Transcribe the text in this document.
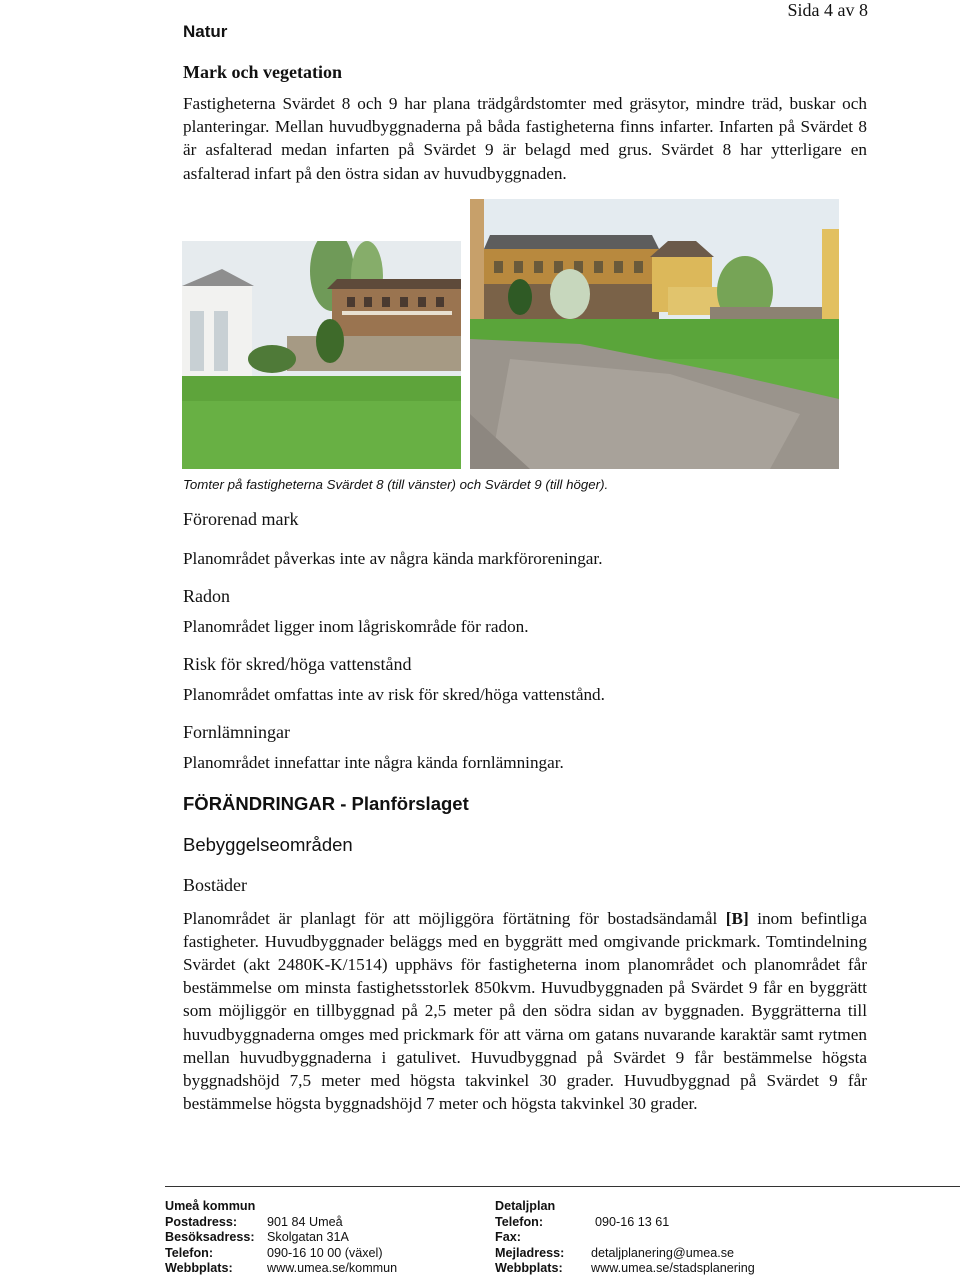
Sida 4 av 8
Natur
Mark och vegetation

Fastigheterna Svärdet 8 och 9 har plana trädgårdstomter med gräsytor, mindre träd, buskar och planteringar. Mellan huvudbyggnaderna på båda fastigheterna finns infarter. Infarten på Svärdet 8 är asfalterad medan infarten på Svärdet 9 är belagd med grus. Svärdet 8 har ytterligare en asfalterad infart på den östra sidan av huvudbyggnaden.

Tomter på fastigheterna Svärdet 8 (till vänster) och Svärdet 9 (till höger).

Förorenad mark

Planområdet påverkas inte av några kända markföroreningar.

Radon

Planområdet ligger inom lågriskområde för radon.

Risk för skred/höga vattenstånd

Planområdet omfattas inte av risk för skred/höga vattenstånd.

Fornlämningar

Planområdet innefattar inte några kända fornlämningar.

FÖRÄNDRINGAR - Planförslaget
Bebyggelseområden
Bostäder

Planområdet är planlagt för att möjliggöra förtätning för bostadsändamål [B] inom befintliga fastigheter. Huvudbyggnader beläggs med en byggrätt med omgivande prickmark. Tomtindelning Svärdet (akt 2480K-K/1514) upphävs för fastigheterna inom planområdet och planområdet får bestämmelse om minsta fastighetsstorlek 850kvm. Huvudbyggnaden på Svärdet 9 får en byggrätt som möjliggör en tillbyggnad på 2,5 meter på den södra sidan av byggnaden. Byggrätterna till huvudbyggnaderna omges med prickmark för att värna om gatans nuvarande karaktär samt rytmen mellan huvudbyggnaderna i gatulivet. Huvudbyggnad på Svärdet 9 får bestämmelse högsta byggnadshöjd 7,5 meter med högsta takvinkel 30 grader. Huvudbyggnad på Svärdet 9 får bestämmelse högsta byggnadshöjd 7 meter och högsta takvinkel 30 grader.

Umeå kommun
Postadress: 901 84 Umeå
Besöksadress: Skolgatan 31A
Telefon:	090-16 10 00 (växel)
Webbplats:	www.umea.se/kommun
Detaljplan
Telefon:	090-16 13 61
Fax:
Mejladress: detaljplanering@umea.se
Webbplats: www.umea.se/stadsplanering
